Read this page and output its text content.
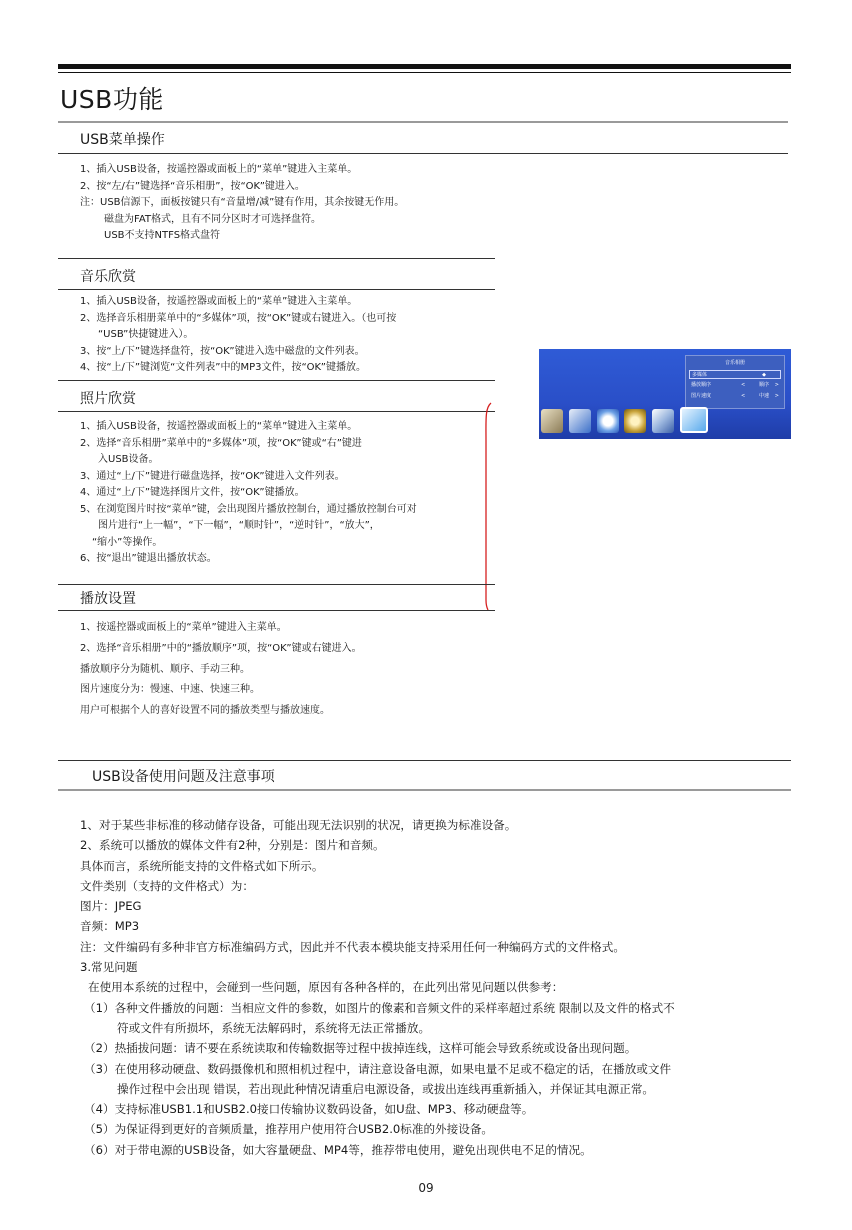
USB功能
USB菜单操作
1、插入USB设备，按遥控器或面板上的“菜单”键进入主菜单。
2、按“左/右”键选择“音乐相册”，按“OK”键进入。
注：USB信源下，面板按键只有“音量增/减”键有作用，其余按键无作用。
磁盘为FAT格式，且有不同分区时才可选择盘符。
USB不支持NTFS格式盘符
音乐欣赏
1、插入USB设备，按遥控器或面板上的“菜单”键进入主菜单。
2、选择音乐相册菜单中的“多媒体”项，按“OK”键或右键进入。（也可按
“USB”快捷键进入）。
3、按“上/下”键选择盘符，按“OK”键进入选中磁盘的文件列表。
4、按“上/下”键浏览“文件列表”中的MP3文件，按“OK”键播放。	音乐相册
多媒体	◆
播放顺序	<	顺序 >
图片速度	<	中速 >
照片欣赏
1、插入USB设备，按遥控器或面板上的“菜单”键进入主菜单。
2、选择“音乐相册”菜单中的“多媒体”项，按“OK”键或“右”键进
入USB设备。
3、通过“上/下”键进行磁盘选择，按“OK”键进入文件列表。
4、通过“上/下”键选择图片文件，按“OK”键播放。
5、在浏览图片时按“菜单”键，会出现图片播放控制台，通过播放控制台可对
图片进行“上一幅”，“下一幅”，“顺时针”，“逆时针”，“放大”，
“缩小”等操作。
6、按“退出”键退出播放状态。
播放设置
1、按遥控器或面板上的“菜单”键进入主菜单。
2、选择“音乐相册”中的“播放顺序”项，按“OK”键或右键进入。
播放顺序分为随机、顺序、手动三种。
图片速度分为：慢速、中速、快速三种。
用户可根据个人的喜好设置不同的播放类型与播放速度。
USB设备使用问题及注意事项
1、对于某些非标准的移动储存设备，可能出现无法识别的状况，请更换为标准设备。
2、系统可以播放的媒体文件有2种，分别是：图片和音频。
具体而言，系统所能支持的文件格式如下所示。
文件类别（支持的文件格式）为：
图片：JPEG
音频：MP3
注：文件编码有多种非官方标准编码方式，因此并不代表本模块能支持采用任何一种编码方式的文件格式。
3.常见问题
在使用本系统的过程中，会碰到一些问题，原因有各种各样的，在此列出常见问题以供参考：
（1）各种文件播放的问题：当相应文件的参数，如图片的像素和音频文件的采样率超过系统 限制以及文件的格式不
符或文件有所损坏，系统无法解码时，系统将无法正常播放。
（2）热插拔问题：请不要在系统读取和传输数据等过程中拔掉连线，这样可能会导致系统或设备出现问题。
（3）在使用移动硬盘、数码摄像机和照相机过程中，请注意设备电源，如果电量不足或不稳定的话，在播放或文件
操作过程中会出现 错误，若出现此种情况请重启电源设备，或拔出连线再重新插入，并保证其电源正常。
（4）支持标准USB1.1和USB2.0接口传输协议数码设备，如U盘、MP3、移动硬盘等。
（5）为保证得到更好的音频质量，推荐用户使用符合USB2.0标准的外接设备。
（6）对于带电源的USB设备，如大容量硬盘、MP4等，推荐带电使用，避免出现供电不足的情况。
09
